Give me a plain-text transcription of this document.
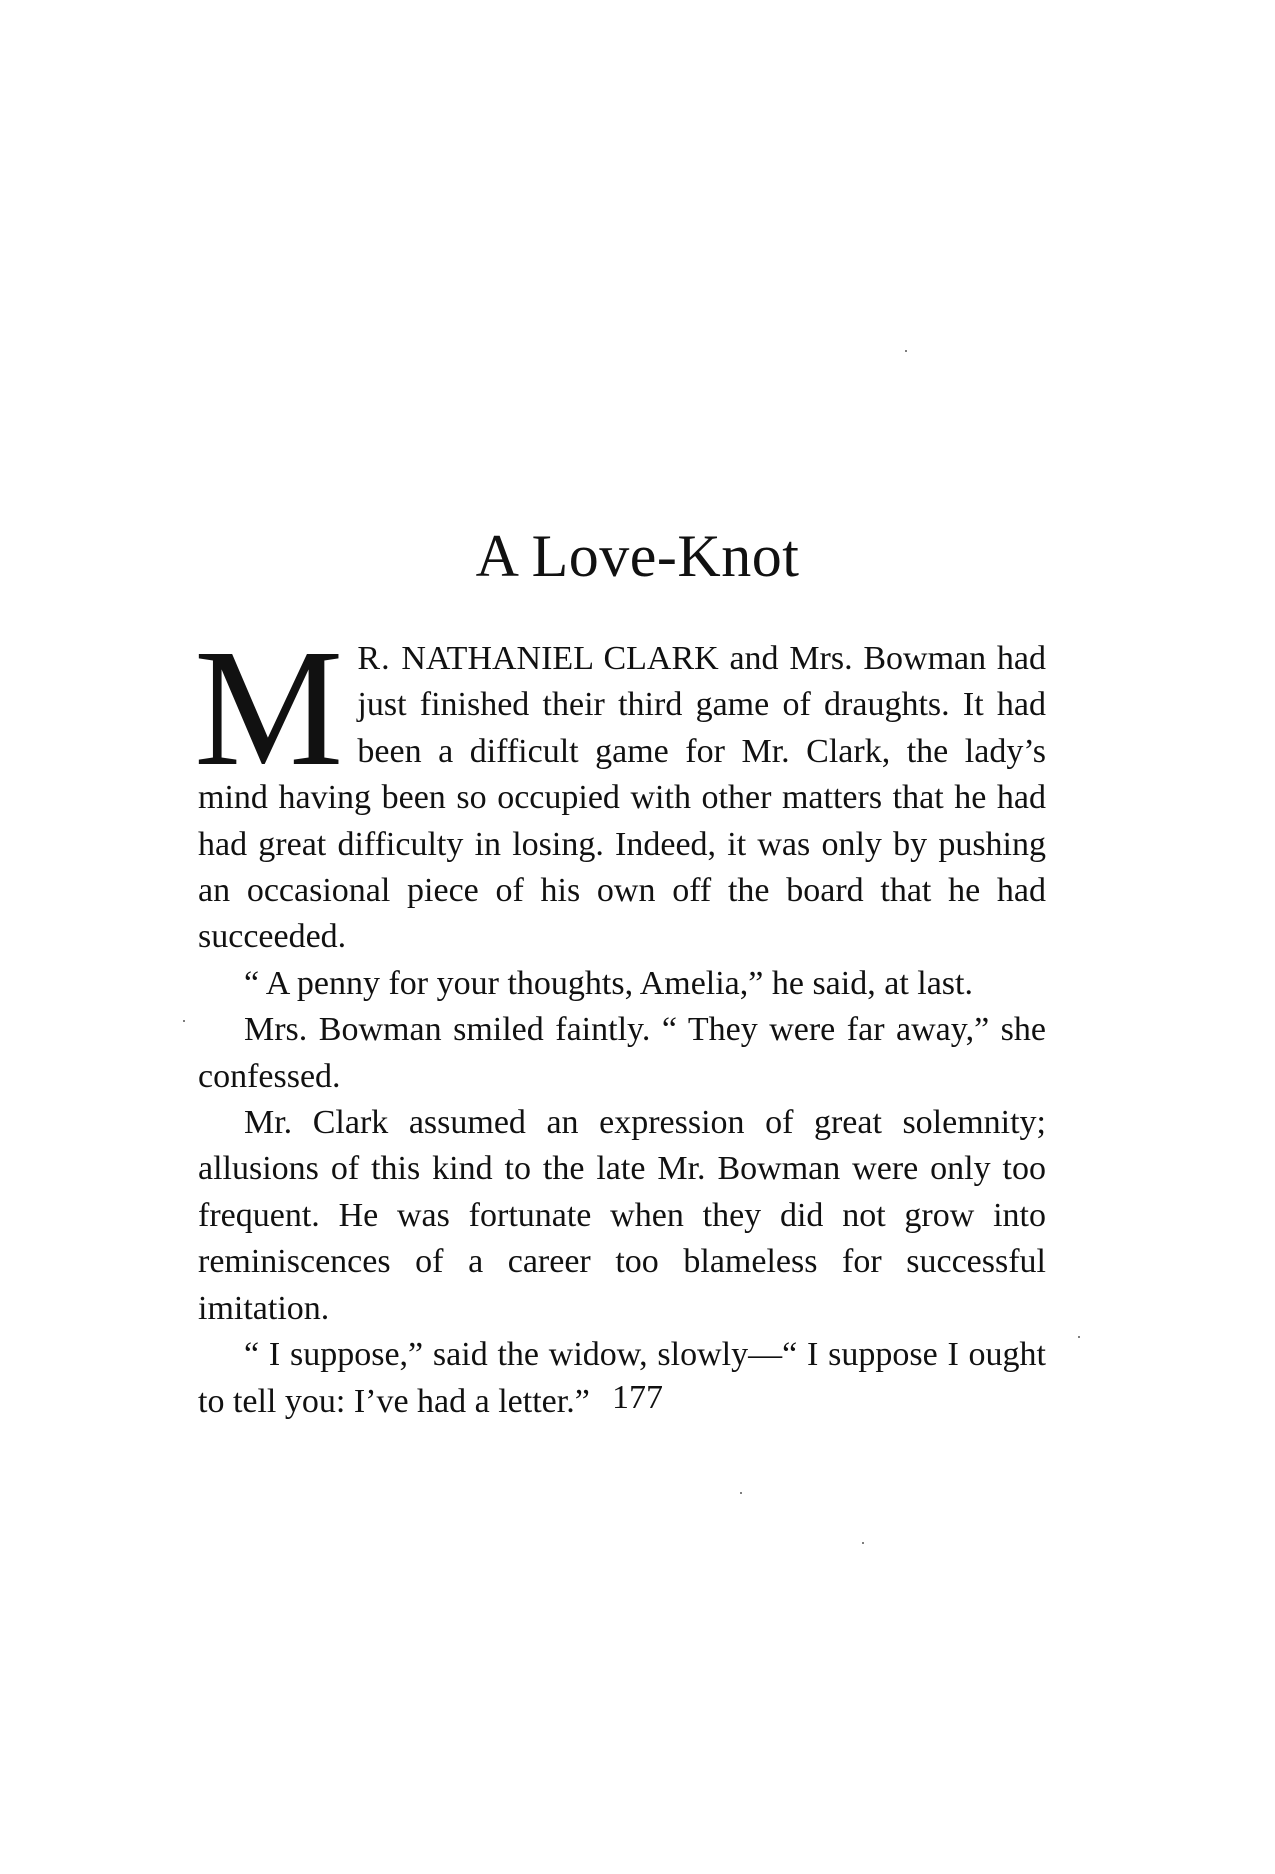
A Love-Knot

M R. NATHANIEL CLARK and Mrs. Bowman had just finished their third game of draughts. It had been a difficult game for Mr. Clark, the lady’s mind having been so occupied with other matters that he had had great difficulty in losing. Indeed, it was only by pushing an occasional piece of his own off the board that he had succeeded.

“ A penny for your thoughts, Amelia,” he said, at last.

Mrs. Bowman smiled faintly. “ They were far away,” she confessed.

Mr. Clark assumed an expression of great solemnity; allusions of this kind to the late Mr. Bowman were only too frequent. He was fortunate when they did not grow into reminiscences of a career too blameless for successful imitation.

“ I suppose,” said the widow, slowly—“ I suppose I ought to tell you: I’ve had a letter.” 177
